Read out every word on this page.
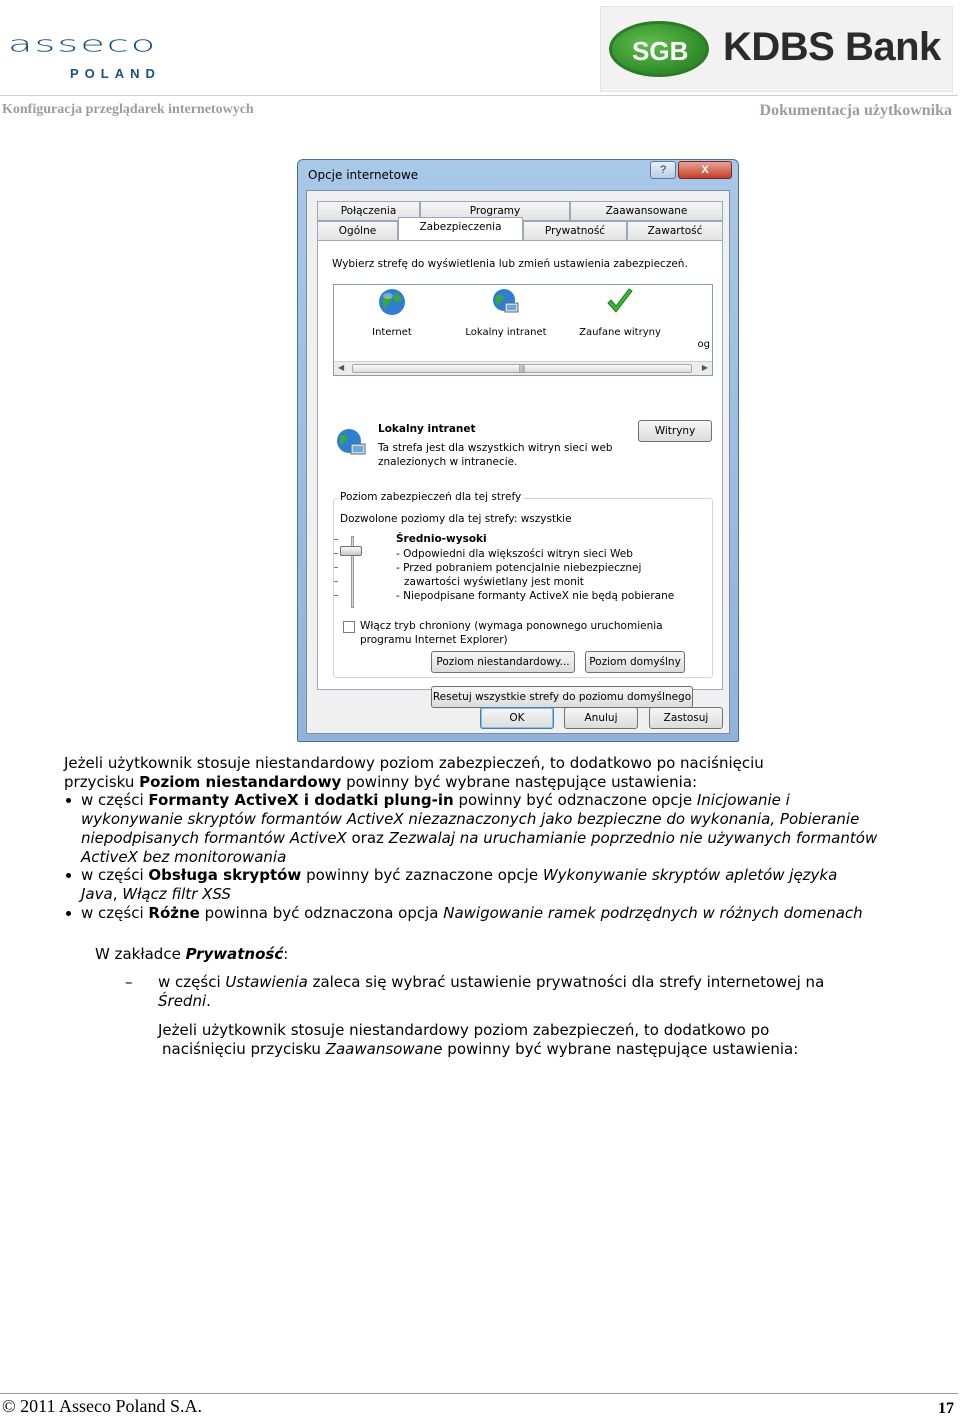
asseco
POLAND
SGB KDBS Bank
Konfiguracja przeglądarek internetowych	Dokumentacja użytkownika
Opcje internetowe	?	X
Połączenia	Programy	Zaawansowane
Ogólne	Zabezpieczenia	Prywatność	Zawartość
Wybierz strefę do wyświetlenia lub zmień ustawienia zabezpieczeń.
Internet	Lokalny intranet	Zaufane witryny
og
◀	|||	▶
Lokalny intranet
Ta strefa jest dla wszystkich witryn sieci web
znalezionych w intranecie.
Witryny
Poziom zabezpieczeń dla tej strefy
Dozwolone poziomy dla tej strefy: wszystkie
Średnio-wysoki
- Odpowiedni dla większości witryn sieci Web
- Przed pobraniem potencjalnie niebezpiecznej
zawartości wyświetlany jest monit
- Niepodpisane formanty ActiveX nie będą pobierane
Włącz tryb chroniony (wymaga ponownego uruchomienia
programu Internet Explorer)
Poziom niestandardowy...	Poziom domyślny
Resetuj wszystkie strefy do poziomu domyślnego
OK	Anuluj	Zastosuj
Jeżeli użytkownik stosuje niestandardowy poziom zabezpieczeń, to dodatkowo po naciśnięciu
przycisku Poziom niestandardowy powinny być wybrane następujące ustawienia:
w części Formanty ActiveX i dodatki plung-in powinny być odznaczone opcje Inicjowanie i
wykonywanie skryptów formantów ActiveX niezaznaczonych jako bezpieczne do wykonania, Pobieranie
niepodpisanych formantów ActiveX oraz Zezwalaj na uruchamianie poprzednio nie używanych formantów
ActiveX bez monitorowania
w części Obsługa skryptów powinny być zaznaczone opcje Wykonywanie skryptów apletów języka
Java, Włącz filtr XSS
w części Różne powinna być odznaczona opcja Nawigowanie ramek podrzędnych w różnych domenach
W zakładce Prywatność:
– w części Ustawienia zaleca się wybrać ustawienie prywatności dla strefy internetowej na
Średni.
Jeżeli użytkownik stosuje niestandardowy poziom zabezpieczeń, to dodatkowo po
naciśnięciu przycisku Zaawansowane powinny być wybrane następujące ustawienia:
© 2011 Asseco Poland S.A.	17
